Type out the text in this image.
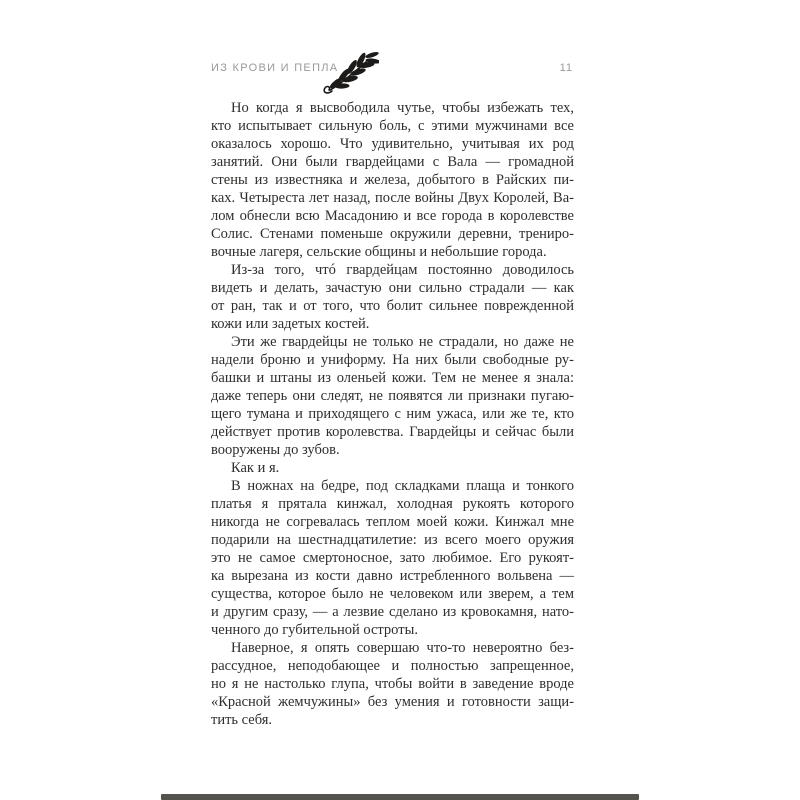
ИЗ КРОВИ И ПЕПЛА	11
Но когда я высвободила чутье, чтобы избежать тех,
кто испытывает сильную боль, с этими мужчинами все
оказалось хорошо. Что удивительно, учитывая их род
занятий. Они были гвардейцами с Вала — громадной
стены из известняка и железа, добытого в Райских пи-
ках. Четыреста лет назад, после войны Двух Королей, Ва-
лом обнесли всю Масадонию и все города в королевстве
Солис. Стенами поменьше окружили деревни, трениро-
вочные лагеря, сельские общины и небольшие города.
Из-за того, чтó гвардейцам постоянно доводилось
видеть и делать, зачастую они сильно страдали — как
от ран, так и от того, что болит сильнее поврежденной
кожи или задетых костей.
Эти же гвардейцы не только не страдали, но даже не
надели броню и униформу. На них были свободные ру-
башки и штаны из оленьей кожи. Тем не менее я знала:
даже теперь они следят, не появятся ли признаки пугаю-
щего тумана и приходящего с ним ужаса, или же те, кто
действует против королевства. Гвардейцы и сейчас были
вооружены до зубов.
Как и я.
В ножнах на бедре, под складками плаща и тонкого
платья я прятала кинжал, холодная рукоять которого
никогда не согревалась теплом моей кожи. Кинжал мне
подарили на шестнадцатилетие: из всего моего оружия
это не самое смертоносное, зато любимое. Его рукоят-
ка вырезана из кости давно истребленного вольвена —
существа, которое было не человеком или зверем, а тем
и другим сразу, — а лезвие сделано из кровокамня, нато-
ченного до губительной остроты.
Наверное, я опять совершаю что-то невероятно без-
рассудное, неподобающее и полностью запрещенное,
но я не настолько глупа, чтобы войти в заведение вроде
«Красной жемчужины» без умения и готовности защи-
тить себя.
